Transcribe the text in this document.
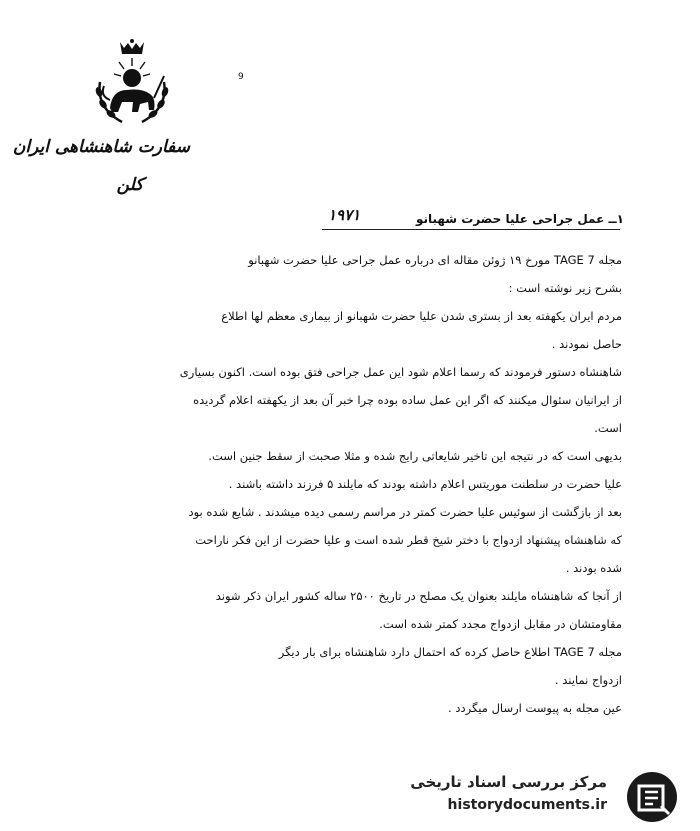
سفارت شاهنشاهی ایران
کلن
9
۱۹۷۱	۱ــ عمل جراحی علیا حضرت شهبانو
مجله 7 TAGE مورخ ۱۹ ژوئن مقاله ای درباره عمل جراحی علیا حضرت شهبانو
بشرح زیر نوشته است :
مردم ایران یکهفته بعد از بستری شدن علیا حضرت شهبانو از بیماری معظم لها اطلاع
حاصل نمودند .
شاهنشاه دستور فرمودند که رسما اعلام شود این عمل جراحی فتق بوده است. اکنون بسیاری
از ایرانیان سئوال میکنند که اگر این عمل ساده بوده چرا خبر آن بعد از یکهفته اعلام گردیده
است.
بدیهی است که در نتیجه این تاخیر شایعاتی رایج شده و مثلا صحبت از سقط جنین است.
علیا حضرت در سلطنت موریتس اعلام داشته بودند که مایلند ۵ فرزند داشته باشند .
بعد از بازگشت از سوئیس علیا حضرت کمتر در مراسم رسمی دیده میشدند . شایع شده بود
که شاهنشاه پیشنهاد ازدواج با دختر شیخ قطر شده است و علیا حضرت از این فکر ناراحت
شده بودند .
از آنجا که شاهنشاه مایلند بعنوان یک مصلح در تاریخ ۲۵۰۰ ساله کشور ایران ذکر شوند
مقاومتشان در مقابل ازدواج مجدد کمتر شده است.
مجله 7 TAGE اطلاع حاصل کرده که احتمال دارد شاهنشاه برای بار دیگر
ازدواج نمایند .
عین مجله به پیوست ارسال میگردد .
مرکز بررسی اسناد تاریخی
historydocuments.ir
